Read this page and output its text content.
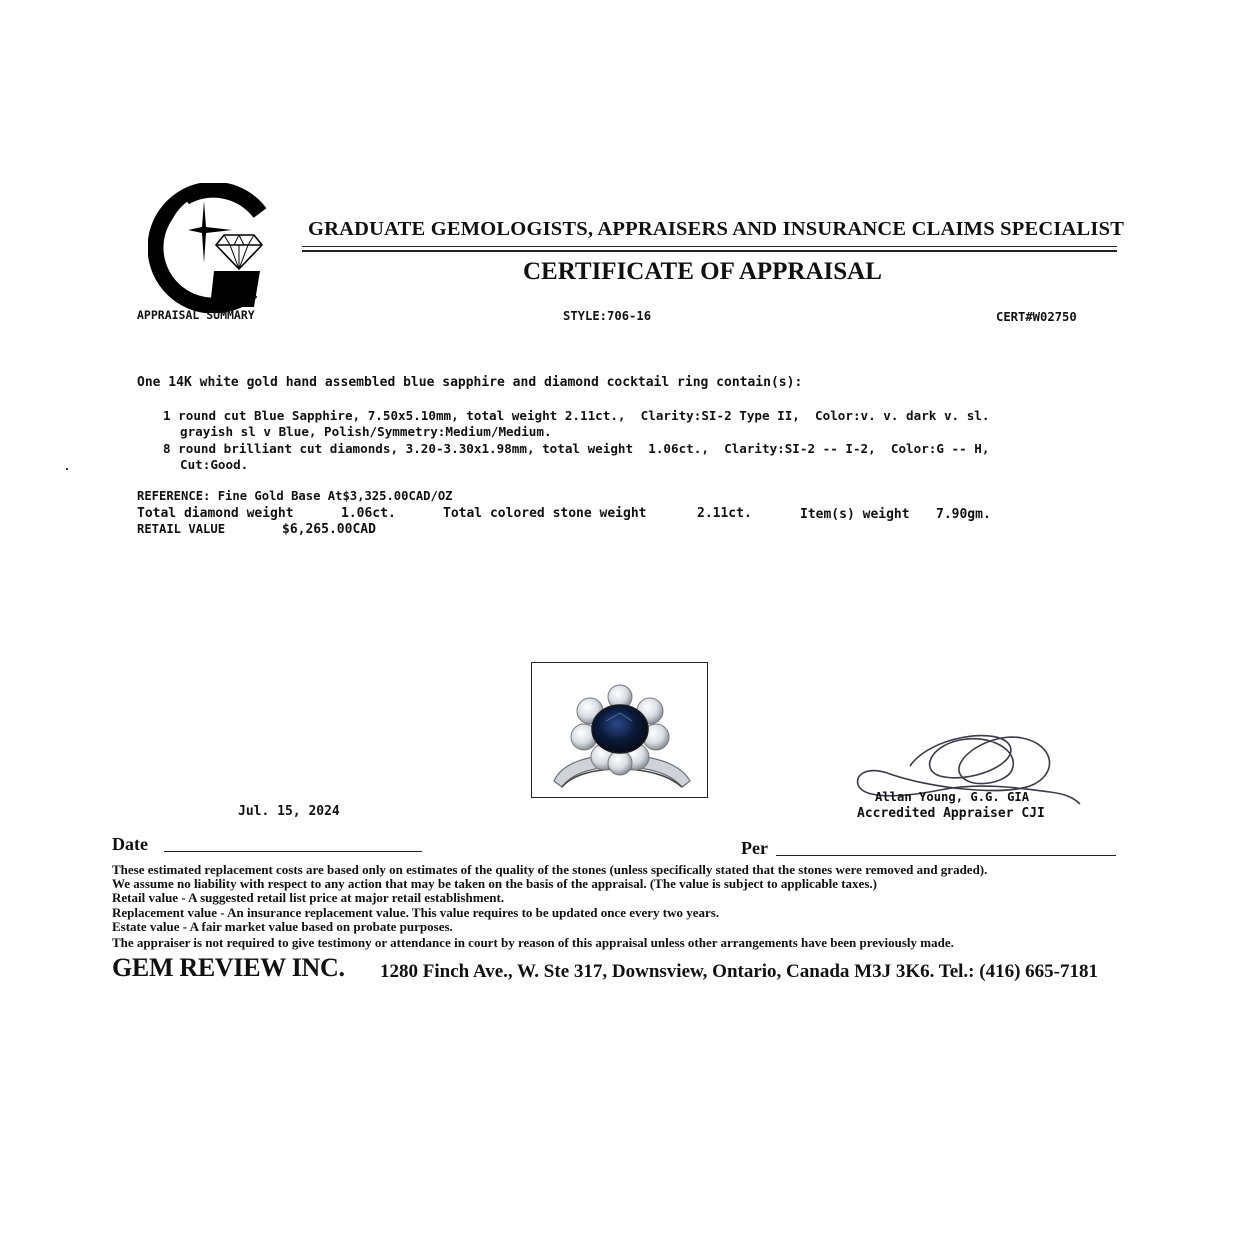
APPRAISAL SUMMARY
GRADUATE GEMOLOGISTS, APPRAISERS AND INSURANCE CLAIMS SPECIALIST
CERTIFICATE OF APPRAISAL
STYLE:706-16	CERT#W02750
One 14K white gold hand assembled blue sapphire and diamond cocktail ring contain(s):
1 round cut Blue Sapphire, 7.50x5.10mm, total weight 2.11ct.,  Clarity:SI-2 Type II,  Color:v. v. dark v. sl.
grayish sl v Blue, Polish/Symmetry:Medium/Medium.
8 round brilliant cut diamonds, 3.20-3.30x1.98mm, total weight  1.06ct.,  Clarity:SI-2 -- I-2,  Color:G -- H,
Cut:Good.
REFERENCE: Fine Gold Base At$3,325.00CAD/OZ
Total diamond weight	1.06ct.	Total colored stone weight	2.11ct.	Item(s) weight 7.90gm.
RETAIL VALUE	$6,265.00CAD
Allan Young, G.G. GIA
Accredited Appraiser CJI
Jul. 15, 2024
Date	Per
These estimated replacement costs are based only on estimates of the quality of the stones (unless specifically stated that the stones were removed and graded).
We assume no liability with respect to any action that may be taken on the basis of the appraisal. (The value is subject to applicable taxes.)
Retail value - A suggested retail list price at major retail establishment.
Replacement value - An insurance replacement value. This value requires to be updated once every two years.
Estate value - A fair market value based on probate purposes.
The appraiser is not required to give testimony or attendance in court by reason of this appraisal unless other arrangements have been previously made.
GEM REVIEW INC. 1280 Finch Ave., W. Ste 317, Downsview, Ontario, Canada M3J 3K6. Tel.: (416) 665-7181
